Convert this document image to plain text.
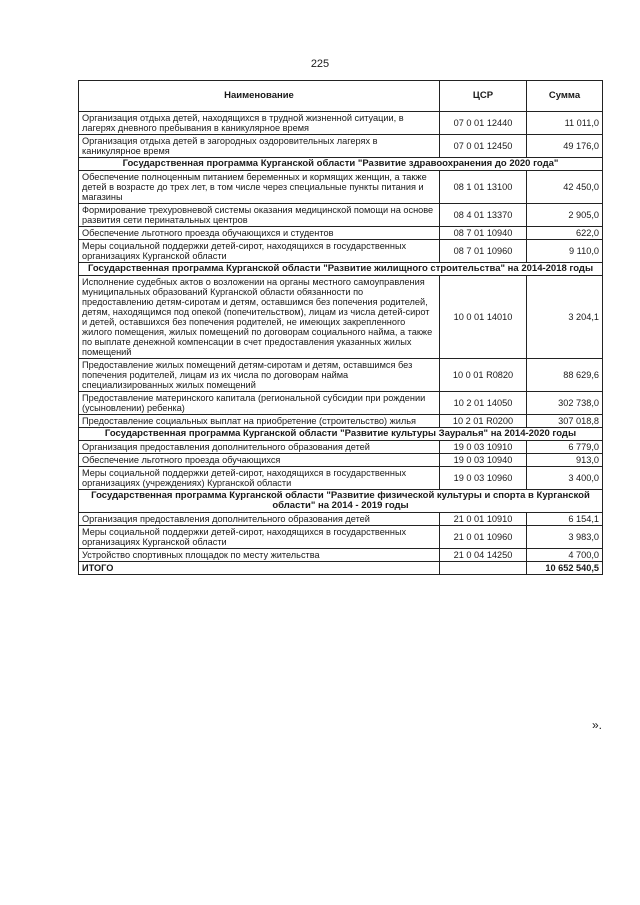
225
Наименование	ЦСР	Сумма
Организация отдыха детей, находящихся в трудной жизненной ситуации, в лагерях дневного пребывания в каникулярное время	07 0 01 12440	11 011,0
Организация отдыха детей в загородных оздоровительных лагерях в каникулярное время	07 0 01 12450	49 176,0
Государственная программа Курганской области "Развитие здравоохранения до 2020 года"		
Обеспечение полноценным питанием беременных и кормящих женщин, а также детей в возрасте до трех лет, в том числе через специальные пункты питания и магазины	08 1 01 13100	42 450,0
Формирование трехуровневой системы оказания медицинской помощи на основе развития сети перинатальных центров	08 4 01 13370	2 905,0
Обеспечение льготного проезда обучающихся и студентов	08 7 01 10940	622,0
Меры социальной поддержки детей-сирот, находящихся в государственных организациях Курганской области	08 7 01 10960	9 110,0
Государственная программа Курганской области "Развитие жилищного строительства" на 2014-2018 годы		
Исполнение судебных актов о возложении на органы местного самоуправления муниципальных образований Курганской области обязанности по предоставлению детям-сиротам и детям, оставшимся без попечения родителей, детям, находящимся под опекой (попечительством), лицам из числа детей-сирот и детей, оставшихся без попечения родителей, не имеющих закрепленного жилого помещения, жилых помещений по договорам социального найма, а также по выплате денежной компенсации в счет предоставления указанных жилых помещений	10 0 01 14010	3 204,1
Предоставление жилых помещений детям-сиротам и детям, оставшимся без попечения родителей, лицам из их числа по договорам найма специализированных жилых помещений	10 0 01 R0820	88 629,6
Предоставление материнского капитала (региональной субсидии при рождении (усыновлении) ребенка)	10 2 01 14050	302 738,0
Предоставление социальных выплат на приобретение (строительство) жилья	10 2 01 R0200	307 018,8
Государственная программа Курганской области "Развитие культуры Зауралья" на 2014-2020 годы		
Организация предоставления дополнительного образования детей	19 0 03 10910	6 779,0
Обеспечение льготного проезда обучающихся	19 0 03 10940	913,0
Меры социальной поддержки детей-сирот, находящихся в государственных организациях (учреждениях) Курганской области	19 0 03 10960	3 400,0
Государственная программа Курганской области "Развитие физической культуры и спорта в Курганской области" на 2014 - 2019 годы		
Организация предоставления дополнительного образования детей	21 0 01 10910	6 154,1
Меры социальной поддержки детей-сирот, находящихся в государственных организациях Курганской области	21 0 01 10960	3 983,0
Устройство спортивных площадок по месту жительства	21 0 04 14250	4 700,0
ИТОГО		10 652 540,5
».
